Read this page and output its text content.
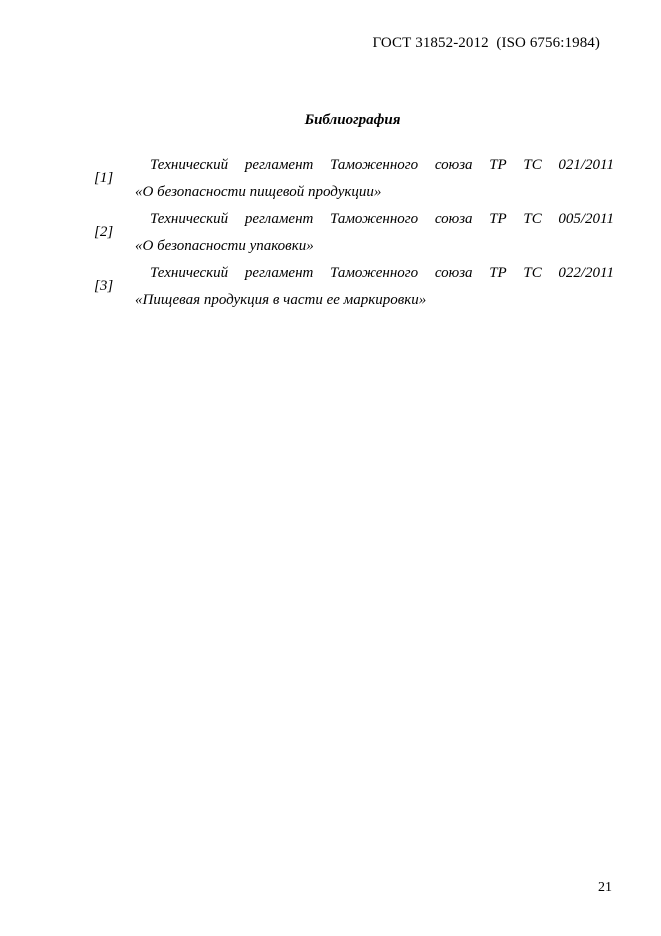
ГОСТ 31852-2012  (ISO 6756:1984)
Библиография
[1]
Технический регламент Таможенного союза ТР ТС 021/2011
«О безопасности пищевой продукции»
[2]
Технический регламент Таможенного союза ТР ТС 005/2011
«О безопасности упаковки»
[3]
Технический регламент Таможенного союза ТР ТС 022/2011
«Пищевая продукция в части ее маркировки»
21
